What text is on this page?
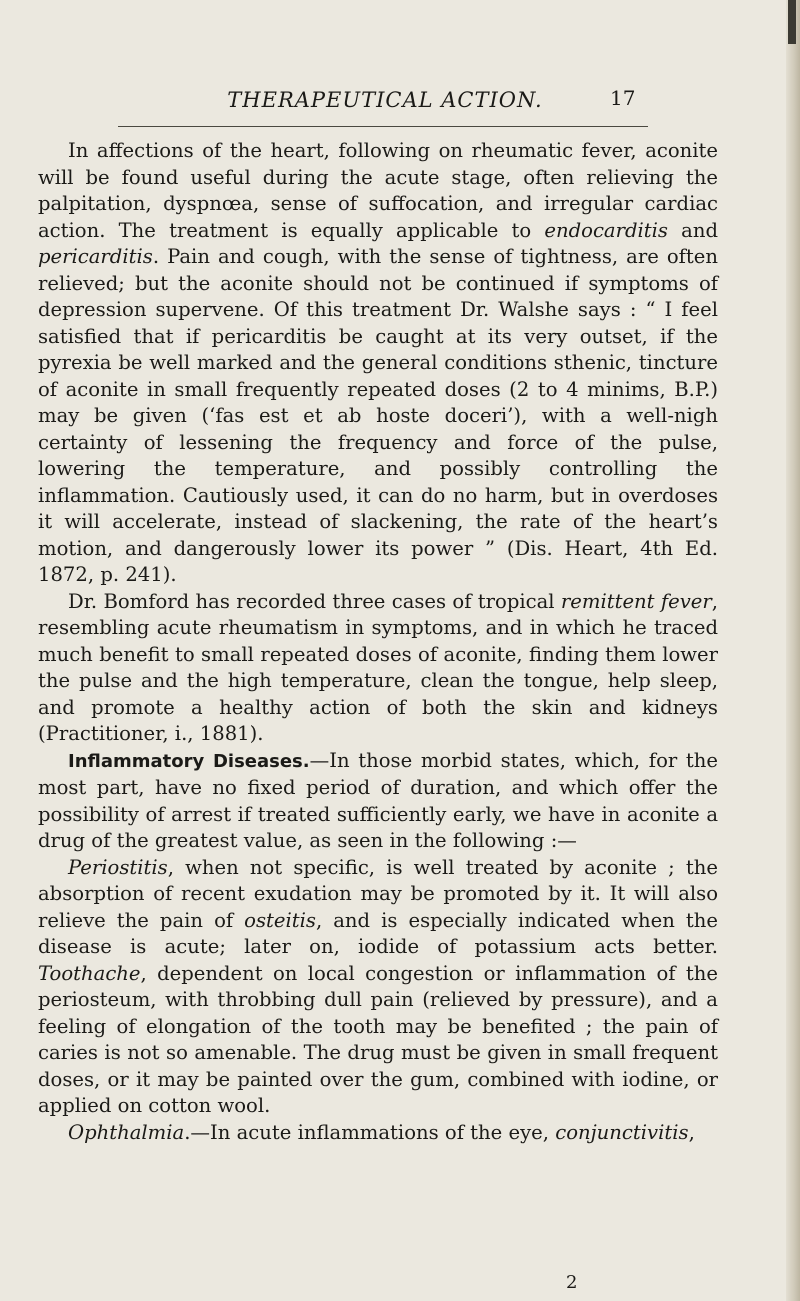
THERAPEUTICAL ACTION.	17

In affections of the heart, following on rheumatic fever, aconite will be found useful during the acute stage, often relieving the palpitation, dyspnœa, sense of suffocation, and irregular cardiac action. The treatment is equally applicable to endocarditis and pericarditis. Pain and cough, with the sense of tightness, are often relieved; but the aconite should not be continued if symptoms of depression supervene. Of this treatment Dr. Walshe says : “ I feel satisfied that if pericarditis be caught at its very outset, if the pyrexia be well marked and the general conditions sthenic, tincture of aconite in small frequently repeated doses (2 to 4 minims, B.P.) may be given (‘fas est et ab hoste doceri’), with a well-nigh certainty of lessening the frequency and force of the pulse, lowering the temperature, and possibly controlling the inflammation. Cautiously used, it can do no harm, but in overdoses it will accelerate, instead of slackening, the rate of the heart’s motion, and dangerously lower its power ” (Dis. Heart, 4th Ed. 1872, p. 241).

Dr. Bomford has recorded three cases of tropical remittent fever, resembling acute rheumatism in symptoms, and in which he traced much benefit to small repeated doses of aconite, finding them lower the pulse and the high temperature, clean the tongue, help sleep, and promote a healthy action of both the skin and kidneys (Practitioner, i., 1881).

Inflammatory Diseases.—In those morbid states, which, for the most part, have no fixed period of duration, and which offer the possibility of arrest if treated sufficiently early, we have in aconite a drug of the greatest value, as seen in the following :—

Periostitis, when not specific, is well treated by aconite ; the absorption of recent exudation may be promoted by it. It will also relieve the pain of osteitis, and is especially indicated when the disease is acute; later on, iodide of potassium acts better. Toothache, dependent on local congestion or inflammation of the periosteum, with throbbing dull pain (relieved by pressure), and a feeling of elongation of the tooth may be benefited ; the pain of caries is not so amenable. The drug must be given in small frequent doses, or it may be painted over the gum, combined with iodine, or applied on cotton wool.

Ophthalmia.—In acute inflammations of the eye, conjunctivitis,

2
